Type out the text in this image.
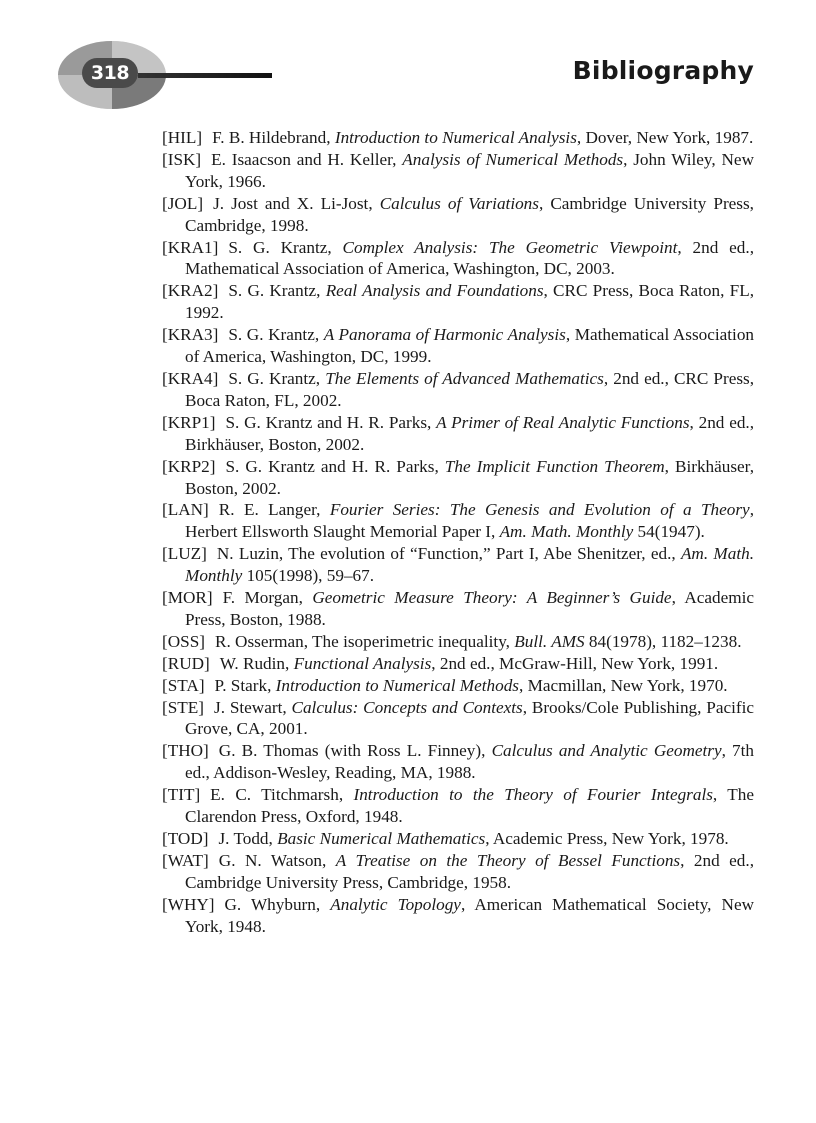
318	Bibliography

[HIL] F. B. Hildebrand, Introduction to Numerical Analysis, Dover, New York, 1987.

[ISK] E. Isaacson and H. Keller, Analysis of Numerical Methods, John Wiley, New York, 1966.

[JOL] J. Jost and X. Li-Jost, Calculus of Variations, Cambridge University Press, Cambridge, 1998.

[KRA1] S. G. Krantz, Complex Analysis: The Geometric Viewpoint, 2nd ed., Mathematical Association of America, Washington, DC, 2003.

[KRA2] S. G. Krantz, Real Analysis and Foundations, CRC Press, Boca Raton, FL, 1992.

[KRA3] S. G. Krantz, A Panorama of Harmonic Analysis, Mathematical Association of America, Washington, DC, 1999.

[KRA4] S. G. Krantz, The Elements of Advanced Mathematics, 2nd ed., CRC Press, Boca Raton, FL, 2002.

[KRP1] S. G. Krantz and H. R. Parks, A Primer of Real Analytic Functions, 2nd ed., Birkhäuser, Boston, 2002.

[KRP2] S. G. Krantz and H. R. Parks, The Implicit Function Theorem, Birkhäuser, Boston, 2002.

[LAN] R. E. Langer, Fourier Series: The Genesis and Evolution of a Theory, Herbert Ellsworth Slaught Memorial Paper I, Am. Math. Monthly 54(1947).

[LUZ] N. Luzin, The evolution of “Function,” Part I, Abe Shenitzer, ed., Am. Math. Monthly 105(1998), 59–67.

[MOR] F. Morgan, Geometric Measure Theory: A Beginner’s Guide, Academic Press, Boston, 1988.

[OSS] R. Osserman, The isoperimetric inequality, Bull. AMS 84(1978), 1182–1238.

[RUD] W. Rudin, Functional Analysis, 2nd ed., McGraw-Hill, New York, 1991.

[STA] P. Stark, Introduction to Numerical Methods, Macmillan, New York, 1970.

[STE] J. Stewart, Calculus: Concepts and Contexts, Brooks/Cole Publishing, Pacific Grove, CA, 2001.

[THO] G. B. Thomas (with Ross L. Finney), Calculus and Analytic Geometry, 7th ed., Addison-Wesley, Reading, MA, 1988.

[TIT] E. C. Titchmarsh, Introduction to the Theory of Fourier Integrals, The Clarendon Press, Oxford, 1948.

[TOD] J. Todd, Basic Numerical Mathematics, Academic Press, New York, 1978.

[WAT] G. N. Watson, A Treatise on the Theory of Bessel Functions, 2nd ed., Cambridge University Press, Cambridge, 1958.

[WHY] G. Whyburn, Analytic Topology, American Mathematical Society, New York, 1948.
